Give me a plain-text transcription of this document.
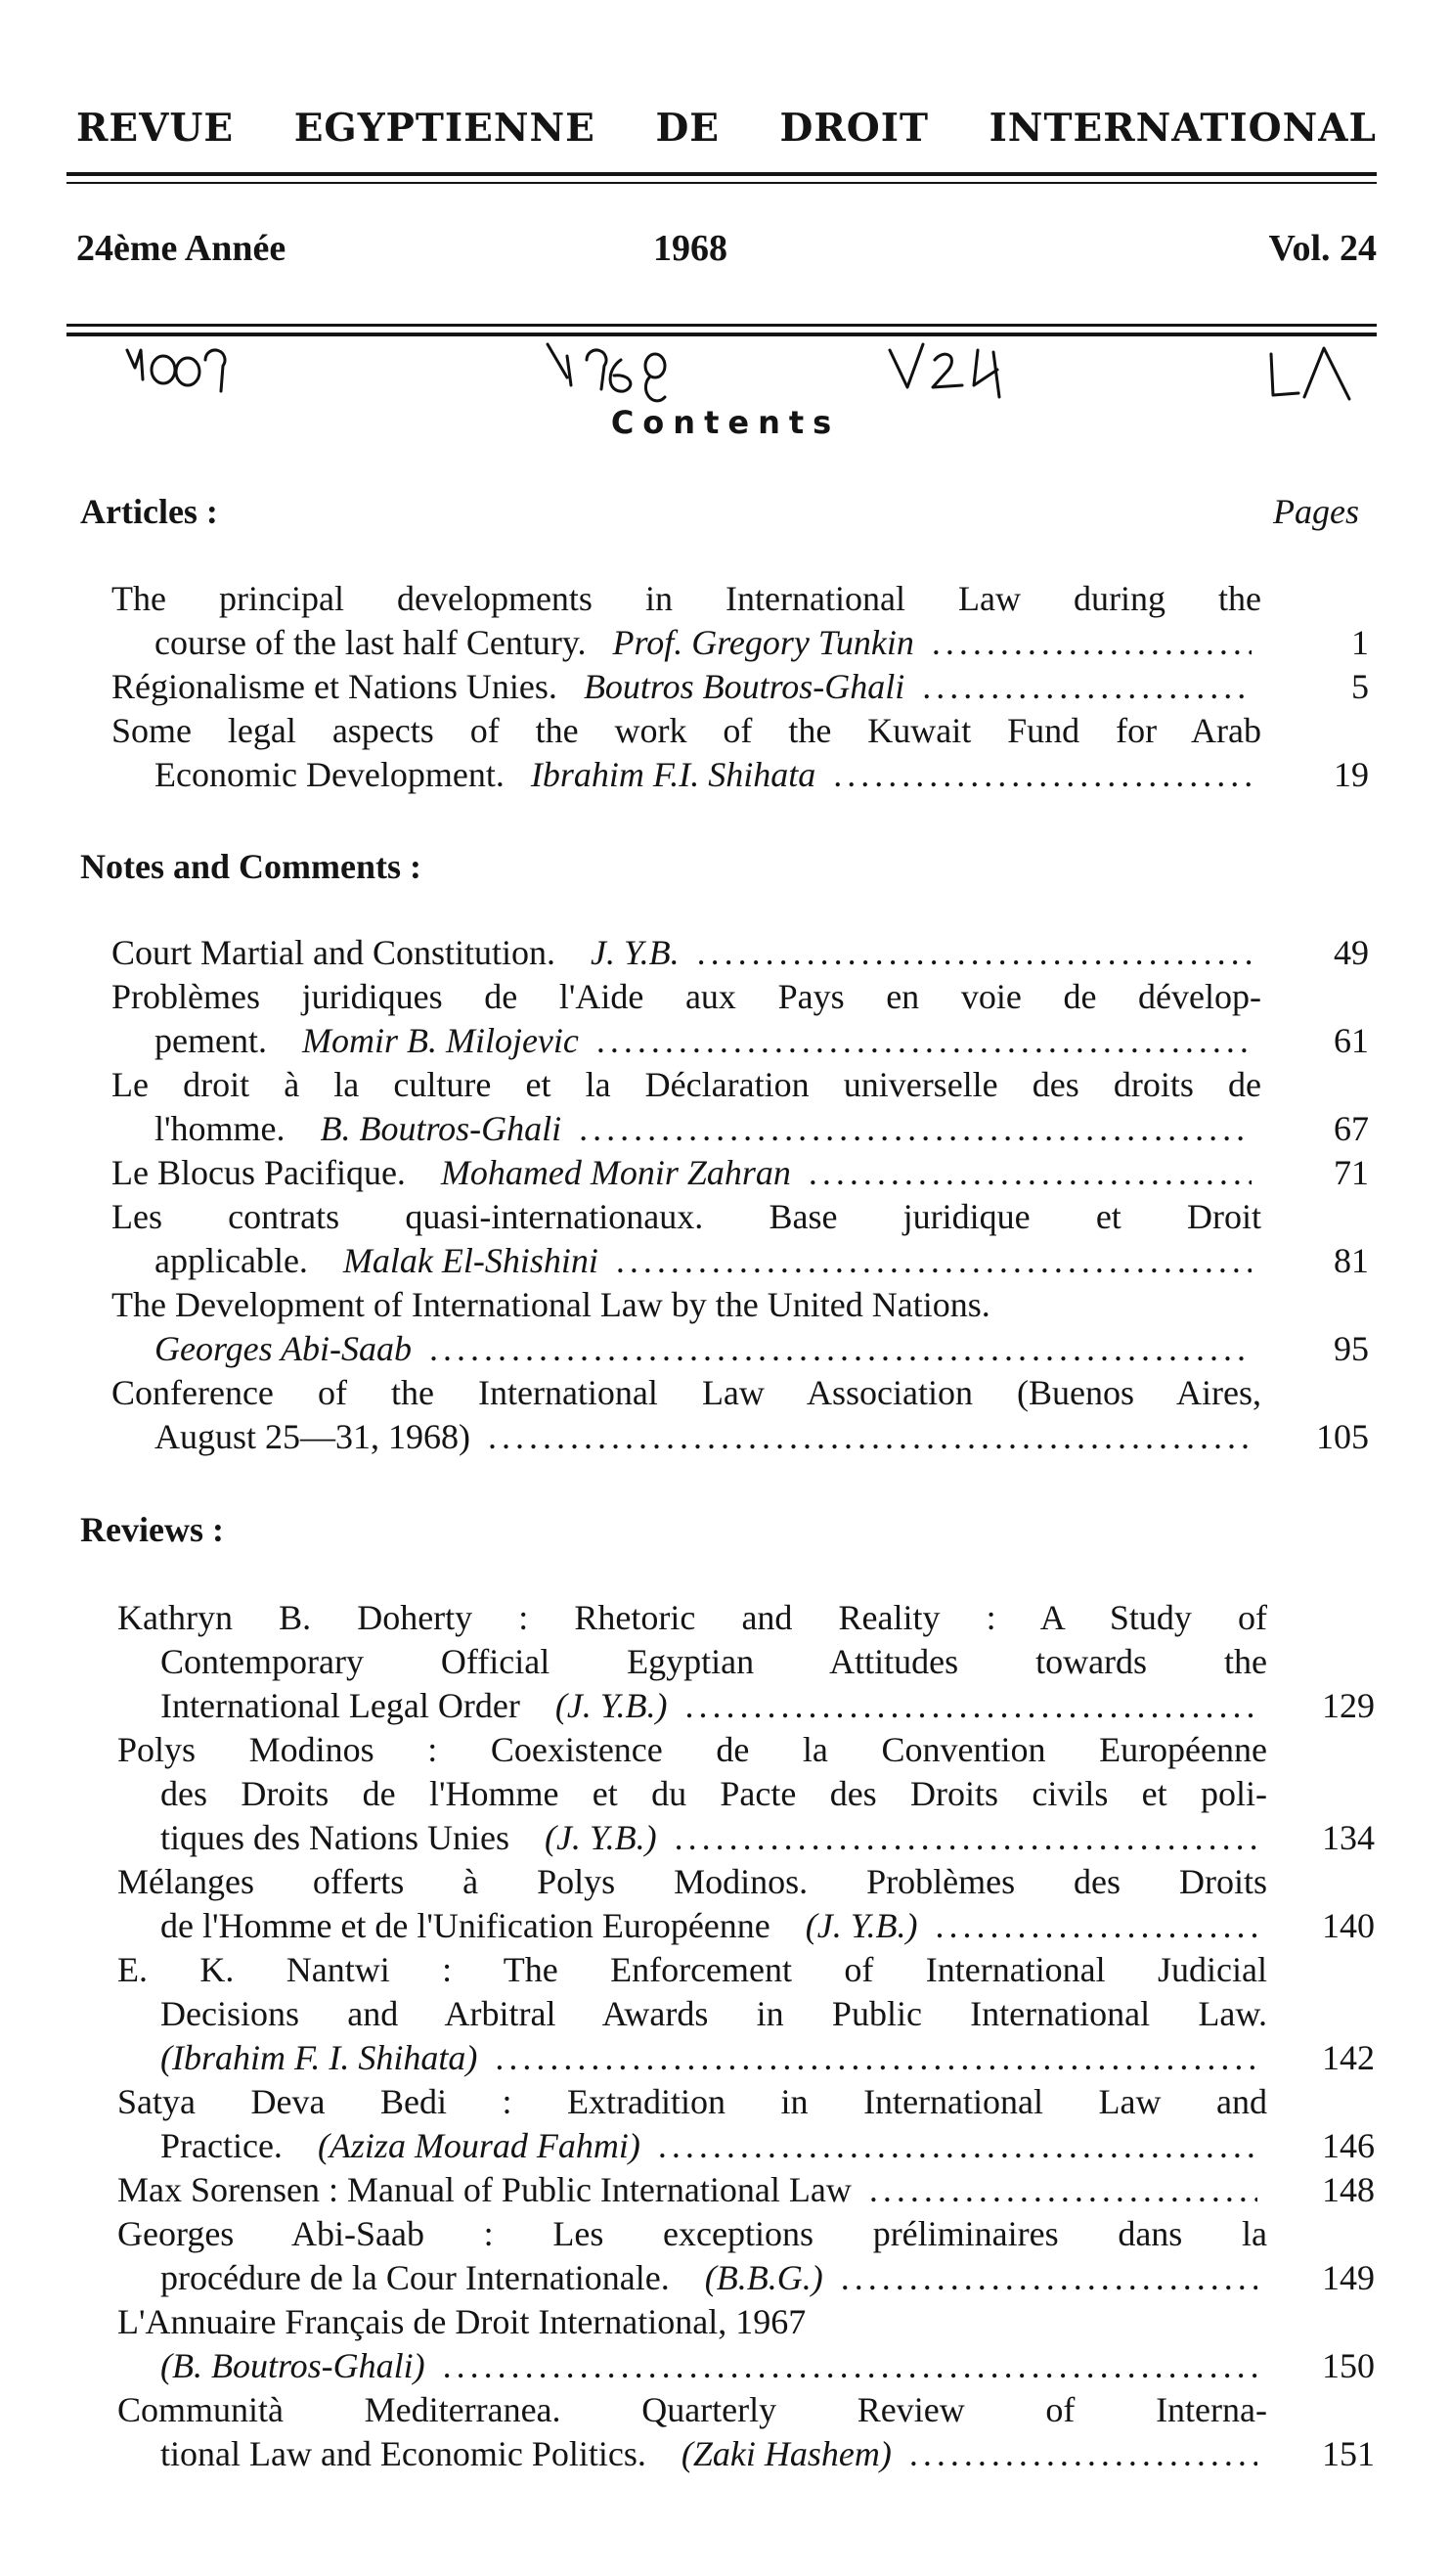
REVUE EGYPTIENNE DE DROIT INTERNATIONAL
24ème Année	1968	Vol. 24
Contents
Articles :	Pages
The principal developments in International Law during the
course of the last half Century.
Prof. Gregory Tunkin .....	1
Régionalisme et Nations Unies.
Boutros Boutros-Ghali .....	5
Some legal aspects of the work of the Kuwait Fund for Arab
Economic Development.
Ibrahim F.I. Shihata .....	19
Notes and Comments :
Court Martial and Constitution.
J. Y.B. .....	49
Problèmes juridiques de l'Aide aux Pays en voie de dévelop-
pement.
Momir B. Milojevic .....	61
Le droit à la culture et la Déclaration universelle des droits de
l'homme.
B. Boutros-Ghali .....	67
Le Blocus Pacifique.
Mohamed Monir Zahran .....	71
Les contrats quasi-internationaux. Base juridique et Droit
applicable.
Malak El-Shishini .....	81
The Development of International Law by the United Nations.
Georges Abi-Saab .....	95
Conference of the International Law Association (Buenos Aires,
August 25—31, 1968) .....	105
Reviews :
Kathryn B. Doherty : Rhetoric and Reality : A Study of
Contemporary Official Egyptian Attitudes towards the
International Legal Order
(J. Y.B.) .....	129
Polys Modinos : Coexistence de la Convention Européenne
des Droits de l'Homme et du Pacte des Droits civils et poli-
tiques des Nations Unies
(J. Y.B.) .....	134
Mélanges offerts à Polys Modinos. Problèmes des Droits
de l'Homme et de l'Unification Européenne
(J. Y.B.) .....	140
E. K. Nantwi : The Enforcement of International Judicial
Decisions and Arbitral Awards in Public International Law.
(Ibrahim F. I. Shihata) .....	142
Satya Deva Bedi : Extradition in International Law and
Practice.
(Aziza Mourad Fahmi) .....	146
Max Sorensen : Manual of Public International Law .....	148
Georges Abi-Saab : Les exceptions préliminaires dans la
procédure de la Cour Internationale.
(B.B.G.) .....	149
L'Annuaire Français de Droit International, 1967
(B. Boutros-Ghali) .....	150
Communità Mediterranea. Quarterly Review of Interna-
tional Law and Economic Politics.
(Zaki Hashem) .....	151
